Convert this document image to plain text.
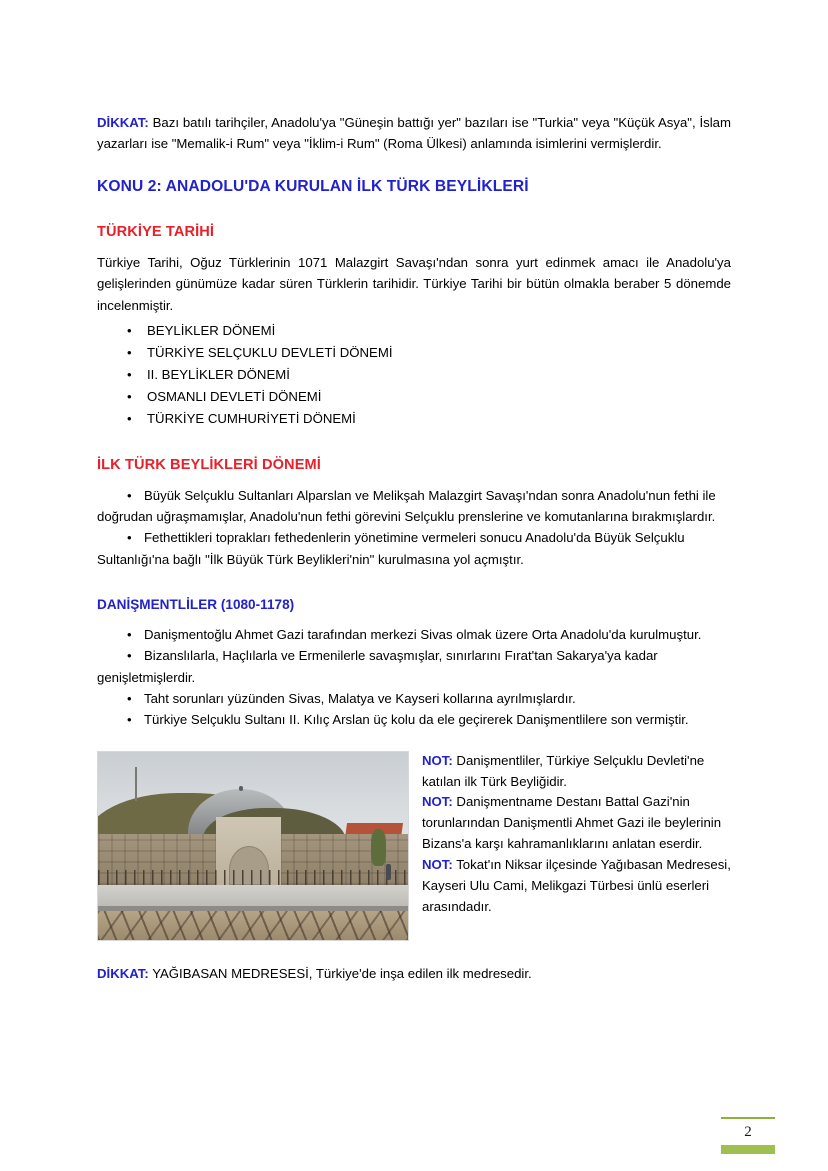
DİKKAT: Bazı batılı tarihçiler, Anadolu'ya "Güneşin battığı yer" bazıları ise "Turkia" veya "Küçük Asya", İslam yazarları ise "Memalik-i Rum" veya "İklim-i Rum" (Roma Ülkesi) anlamında isimlerini vermişlerdir.

KONU 2: ANADOLU'DA KURULAN İLK TÜRK BEYLİKLERİ
TÜRKİYE TARİHİ

Türkiye Tarihi, Oğuz Türklerinin 1071 Malazgirt Savaşı'ndan sonra yurt edinmek amacı ile Anadolu'ya gelişlerinden günümüze kadar süren Türklerin tarihidir. Türkiye Tarihi bir bütün olmakla beraber 5 dönemde incelenmiştir.

• BEYLİKLER DÖNEMİ
• TÜRKİYE SELÇUKLU DEVLETİ DÖNEMİ
• II. BEYLİKLER DÖNEMİ
• OSMANLI DEVLETİ DÖNEMİ
• TÜRKİYE CUMHURİYETİ DÖNEMİ
İLK TÜRK BEYLİKLERİ DÖNEMİ

• Büyük Selçuklu Sultanları Alparslan ve Melikşah Malazgirt Savaşı'ndan sonra Anadolu'nun fethi ile doğrudan uğraşmamışlar, Anadolu'nun fethi görevini Selçuklu prenslerine ve komutanlarına bırakmışlardır.

• Fethettikleri toprakları fethedenlerin yönetimine vermeleri sonucu Anadolu'da Büyük Selçuklu Sultanlığı'na bağlı "İlk Büyük Türk Beylikleri'nin" kurulmasına yol açmıştır.

DANİŞMENTLİLER (1080-1178)

• Danişmentoğlu Ahmet Gazi tarafından merkezi Sivas olmak üzere Orta Anadolu'da kurulmuştur.

• Bizanslılarla, Haçlılarla ve Ermenilerle savaşmışlar, sınırlarını Fırat'tan Sakarya'ya kadar genişletmişlerdir.

• Taht sorunları yüzünden Sivas, Malatya ve Kayseri kollarına ayrılmışlardır.

• Türkiye Selçuklu Sultanı II. Kılıç Arslan üç kolu da ele geçirerek Danişmentlilere son vermiştir.

NOT: Danişmentliler, Türkiye Selçuklu Devleti'ne katılan ilk Türk Beyliğidir.

NOT: Danişmentname Destanı Battal Gazi'nin torunlarından Danişmentli Ahmet Gazi ile beylerinin Bizans'a karşı kahramanlıklarını anlatan eserdir.

NOT: Tokat'ın Niksar ilçesinde Yağıbasan Medresesi, Kayseri Ulu Cami, Melikgazi Türbesi ünlü eserleri arasındadır.

DİKKAT: YAĞIBASAN MEDRESESİ, Türkiye'de inşa edilen ilk medresedir.

2
